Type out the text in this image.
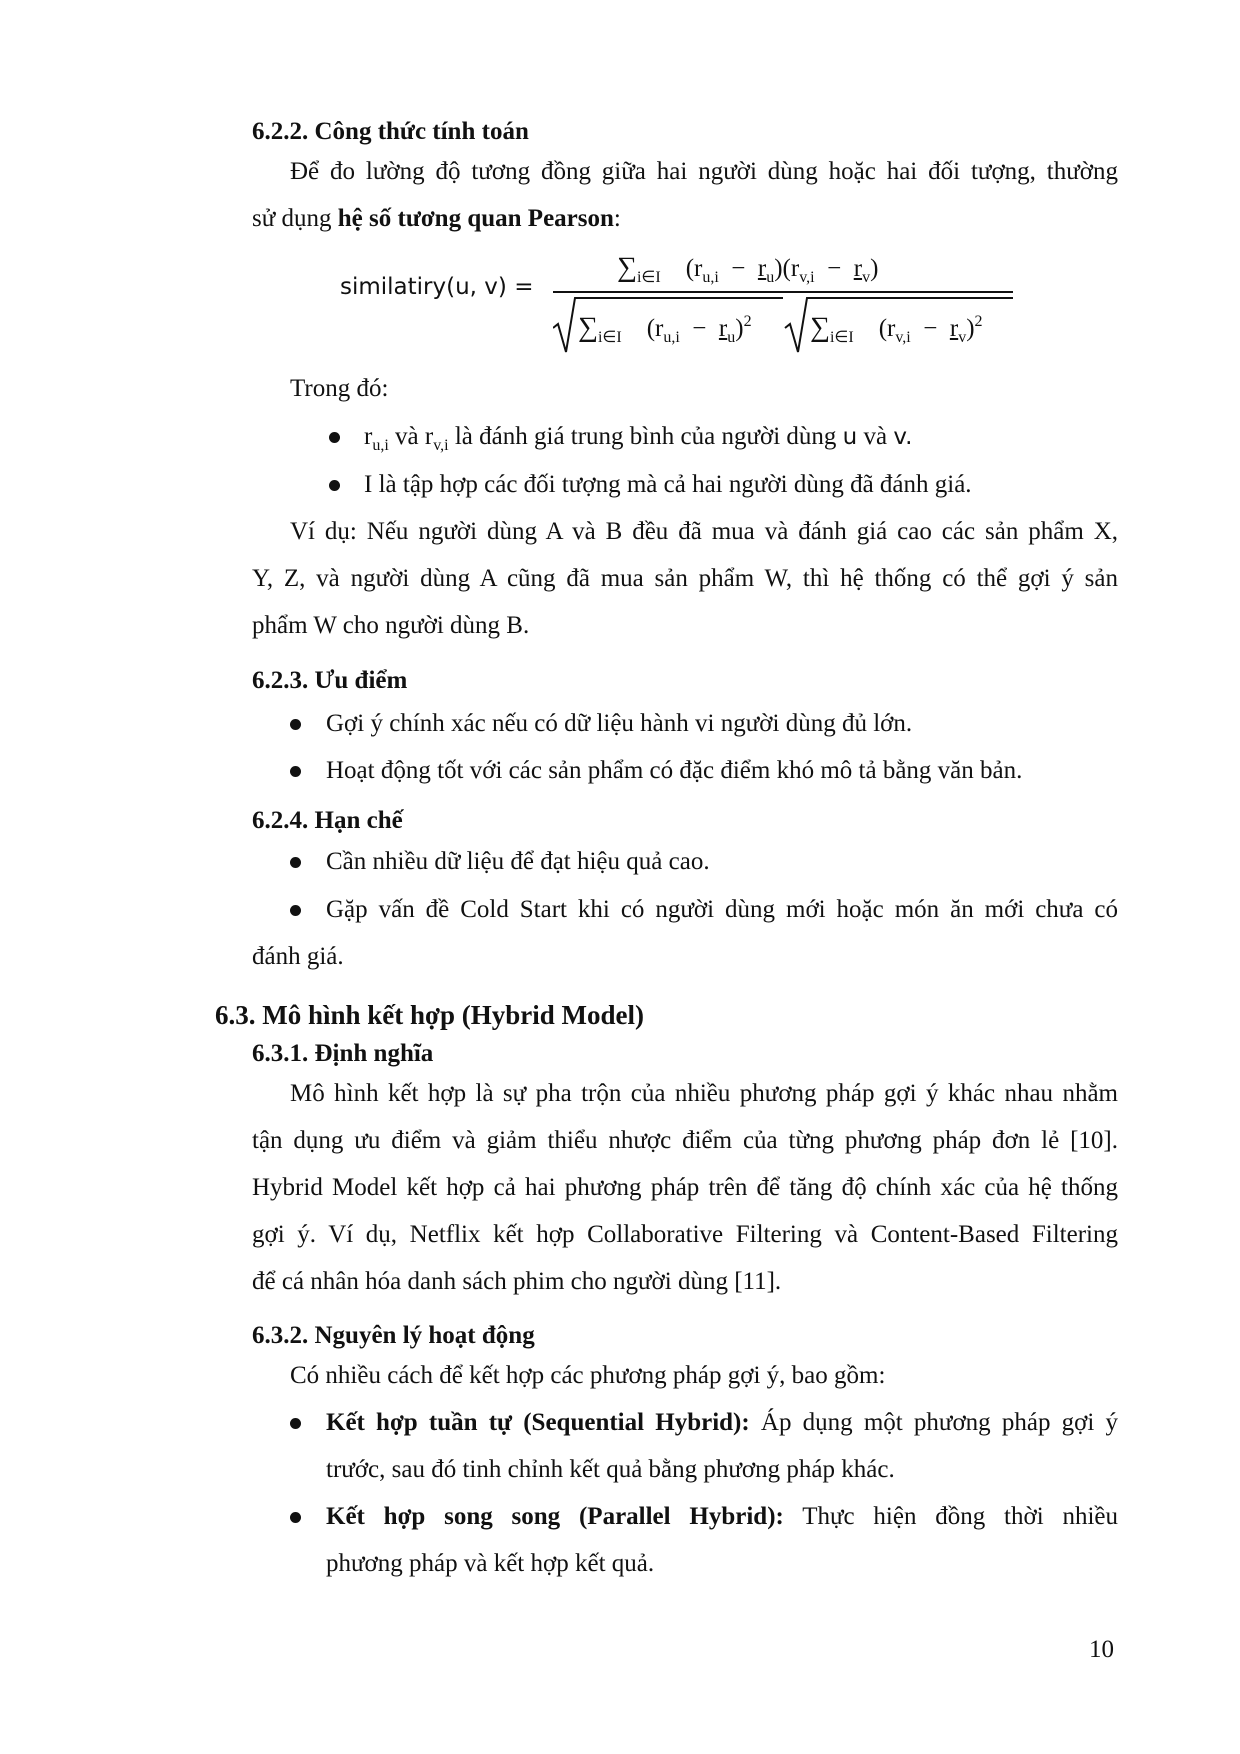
6.2.2. Công thức tính toán
Để đo lường độ tương đồng giữa hai người dùng hoặc hai đối tượng, thường
sử dụng hệ số tương quan Pearson:
similatiry(u, v) =
$\sum_{i\in I}$ $(r_{u,i} - r_u)(r_{v,i} - r_v)$
$\sum_{i\in I}$ $(r_{u,i} - r_u)^2$ $\sum_{i\in I}$ $(r_{v,i} - r_v)^2$
Trong đó:
$r_{u,i}$ và $r_{v,i}$ là đánh giá trung bình của người dùng u và v.
I là tập hợp các đối tượng mà cả hai người dùng đã đánh giá.
Ví dụ: Nếu người dùng A và B đều đã mua và đánh giá cao các sản phẩm X,
Y, Z, và người dùng A cũng đã mua sản phẩm W, thì hệ thống có thể gợi ý sản
phẩm W cho người dùng B.
6.2.3. Ưu điểm
Gợi ý chính xác nếu có dữ liệu hành vi người dùng đủ lớn.
Hoạt động tốt với các sản phẩm có đặc điểm khó mô tả bằng văn bản.
6.2.4. Hạn chế
Cần nhiều dữ liệu để đạt hiệu quả cao.
Gặp vấn đề Cold Start khi có người dùng mới hoặc món ăn mới chưa có
đánh giá.
6.3. Mô hình kết hợp (Hybrid Model)
6.3.1. Định nghĩa
Mô hình kết hợp là sự pha trộn của nhiều phương pháp gợi ý khác nhau nhằm
tận dụng ưu điểm và giảm thiểu nhược điểm của từng phương pháp đơn lẻ [10].
Hybrid Model kết hợp cả hai phương pháp trên để tăng độ chính xác của hệ thống
gợi ý. Ví dụ, Netflix kết hợp Collaborative Filtering và Content-Based Filtering
để cá nhân hóa danh sách phim cho người dùng [11].
6.3.2. Nguyên lý hoạt động
Có nhiều cách để kết hợp các phương pháp gợi ý, bao gồm:
Kết hợp tuần tự (Sequential Hybrid): Áp dụng một phương pháp gợi ý
trước, sau đó tinh chỉnh kết quả bằng phương pháp khác.
Kết hợp song song (Parallel Hybrid): Thực hiện đồng thời nhiều
phương pháp và kết hợp kết quả.
10
